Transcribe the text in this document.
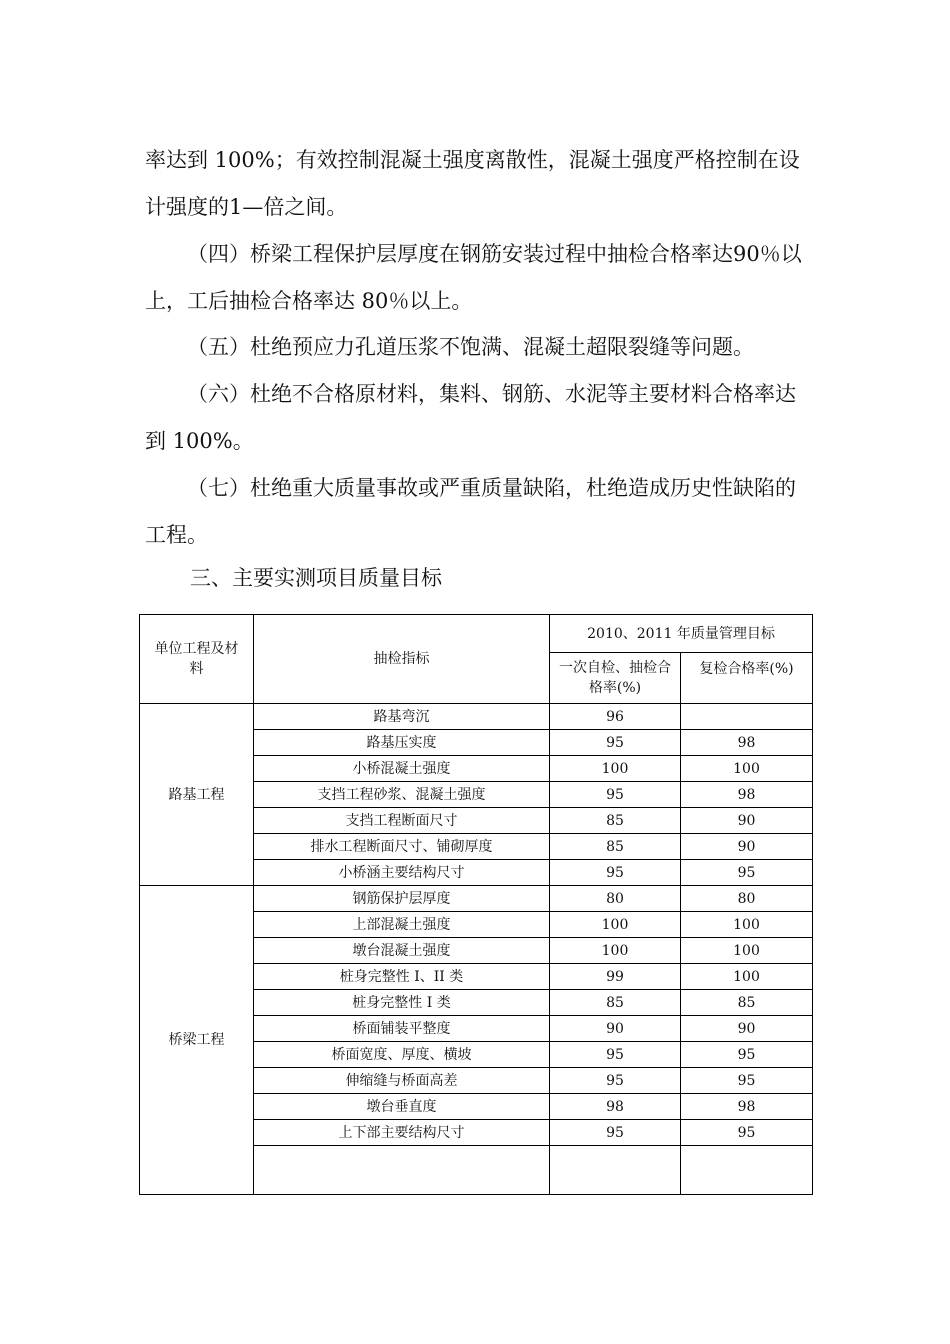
率达到 100%；有效控制混凝土强度离散性，混凝土强度严格控制在设计强度的1—倍之间。

（四）桥梁工程保护层厚度在钢筋安装过程中抽检合格率达90％以上，工后抽检合格率达 80％以上。

（五）杜绝预应力孔道压浆不饱满、混凝土超限裂缝等问题。

（六）杜绝不合格原材料，集料、钢筋、水泥等主要材料合格率达到 100%。

（七）杜绝重大质量事故或严重质量缺陷，杜绝造成历史性缺陷的工程。

三、主要实测项目质量目标
单位工程及材料	抽检指标	2010、2011 年质量管理目标	
		一次自检、抽检合格率(%)	复检合格率(%)
路基工程	路基弯沉	96	
	路基压实度	95	98
	小桥混凝土强度	100	100
	支挡工程砂浆、混凝土强度	95	98
	支挡工程断面尺寸	85	90
	排水工程断面尺寸、铺砌厚度	85	90
	小桥涵主要结构尺寸	95	95
桥梁工程	钢筋保护层厚度	80	80
	上部混凝土强度	100	100
	墩台混凝土强度	100	100
	桩身完整性 I、II 类	99	100
	桩身完整性 I 类	85	85
	桥面铺装平整度	90	90
	桥面宽度、厚度、横坡	95	95
	伸缩缝与桥面高差	95	95
	墩台垂直度	98	98
	上下部主要结构尺寸	95	95
